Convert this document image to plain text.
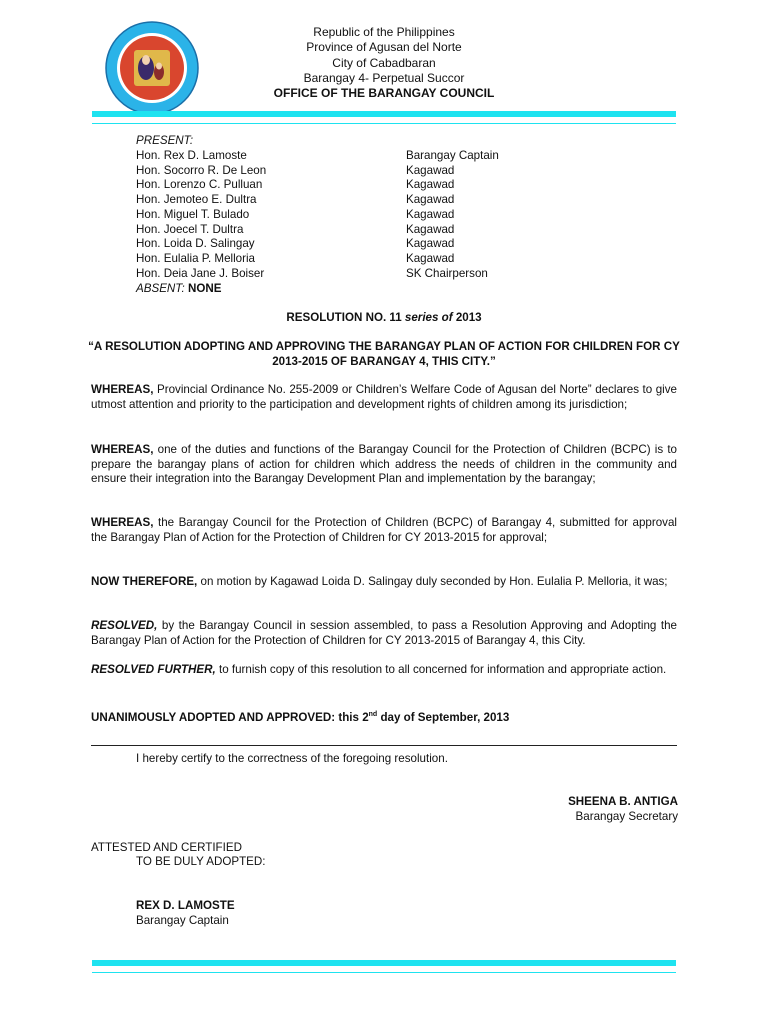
Republic of the Philippines
Province of Agusan del Norte
City of Cabadbaran
Barangay 4- Perpetual Succor
OFFICE OF THE BARANGAY COUNCIL
PRESENT:
Hon. Rex D. Lamoste	Barangay Captain
Hon. Socorro R. De Leon	Kagawad
Hon. Lorenzo C. Pulluan	Kagawad
Hon. Jemoteo E. Dultra	Kagawad
Hon. Miguel T. Bulado	Kagawad
Hon. Joecel T. Dultra	Kagawad
Hon. Loida D. Salingay	Kagawad
Hon. Eulalia P. Melloria	Kagawad
Hon. Deia Jane J. Boiser	SK Chairperson
ABSENT: NONE
RESOLUTION NO. 11 series of 2013
“A RESOLUTION ADOPTING AND APPROVING THE BARANGAY PLAN OF ACTION FOR CHILDREN FOR CY 2013-2015 OF BARANGAY 4, THIS CITY.”
WHEREAS, Provincial Ordinance No. 255-2009 or Children’s Welfare Code of Agusan del Norte” declares to give utmost attention and priority to the participation and development rights of children among its jurisdiction;
WHEREAS, one of the duties and functions of the Barangay Council for the Protection of Children (BCPC) is to prepare the barangay plans of action for children which address the needs of children in the community and ensure their integration into the Barangay Development Plan and implementation by the barangay;
WHEREAS, the Barangay Council for the Protection of Children (BCPC) of Barangay 4, submitted for approval the Barangay Plan of Action for the Protection of Children for CY 2013-2015 for approval;
NOW THEREFORE, on motion by Kagawad Loida D. Salingay duly seconded by Hon. Eulalia P. Melloria, it was;
RESOLVED, by the Barangay Council in session assembled, to pass a Resolution Approving and Adopting the Barangay Plan of Action for the Protection of Children for CY 2013-2015 of Barangay 4, this City.
RESOLVED FURTHER, to furnish copy of this resolution to all concerned for information and appropriate action.
UNANIMOUSLY ADOPTED AND APPROVED: this 2nd day of September, 2013
I hereby certify to the correctness of the foregoing resolution.
SHEENA B. ANTIGA
Barangay Secretary
ATTESTED AND CERTIFIED
TO BE DULY ADOPTED:
REX D. LAMOSTE
Barangay Captain
